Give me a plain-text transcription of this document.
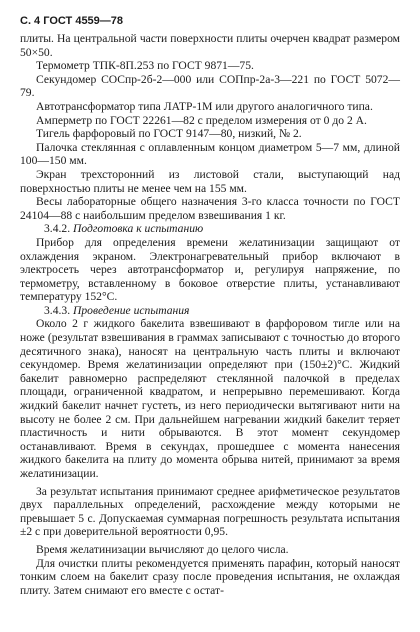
С. 4 ГОСТ 4559—78

плиты. На центральной части поверхности плиты очерчен квадрат размером 50×50.

Термометр ТПК-8П.253 по ГОСТ 9871—75.

Секундомер СОСпр-2б-2—000 или СОПпр-2а-3—221 по ГОСТ 5072—79.

Автотрансформатор типа ЛАТР-1М или другого аналогичного типа.

Амперметр по ГОСТ 22261—82 с пределом измерения от 0 до 2 А.

Тигель фарфоровый по ГОСТ 9147—80, низкий, № 2.

Палочка стеклянная с оплавленным концом диаметром 5—7 мм, длиной 100—150 мм.

Экран трехсторонний из листовой стали, выступающий над поверхностью плиты не менее чем на 155 мм.

Весы лабораторные общего назначения 3-го класса точности по ГОСТ 24104—88 с наибольшим пределом взвешивания 1 кг.

3.4.2. Подготовка к испытанию

Прибор для определения времени желатинизации защищают от охлаждения экраном. Электронагревательный прибор включают в электросеть через автотрансформатор и, регулируя напряжение, по термометру, вставленному в боковое отверстие плиты, устанавливают температуру 152°С.

3.4.3. Проведение испытания

Около 2 г жидкого бакелита взвешивают в фарфоровом тигле или на ноже (результат взвешивания в граммах записывают с точностью до второго десятичного знака), наносят на центральную часть плиты и включают секундомер. Время желатинизации определяют при (150±2)°С. Жидкий бакелит равномерно распределяют стеклянной палочкой в пределах площади, ограниченной квадратом, и непрерывно перемешивают. Когда жидкий бакелит начнет густеть, из него периодически вытягивают нити на высоту не более 2 см. При дальнейшем нагревании жидкий бакелит теряет пластичность и нити обрываются. В этот момент секундомер останавливают. Время в секундах, прошедшее с момента нанесения жидкого бакелита на плиту до момента обрыва нитей, принимают за время желатинизации.

За результат испытания принимают среднее арифметическое результатов двух параллельных определений, расхождение между которыми не превышает 5 с. Допускаемая суммарная погрешность результата испытания ±2 с при доверительной вероятности 0,95.

Время желатинизации вычисляют до целого числа.

Для очистки плиты рекомендуется применять парафин, который наносят тонким слоем на бакелит сразу после проведения испытания, не охлаждая плиту. Затем снимают его вместе с остат-
